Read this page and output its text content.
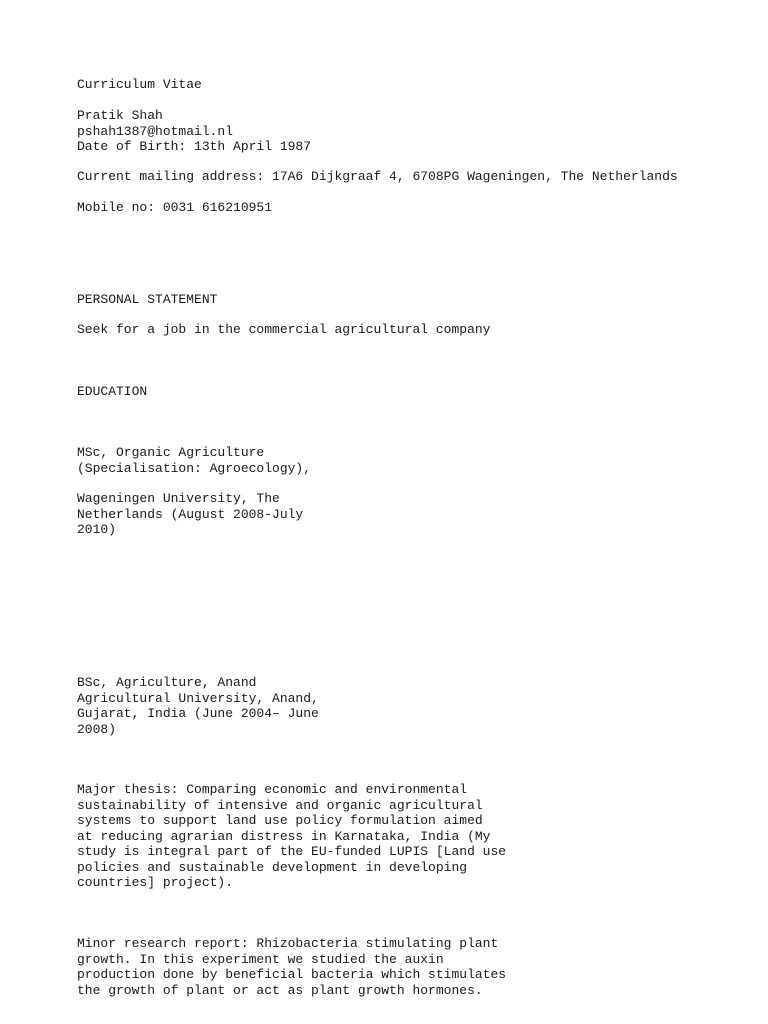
Curriculum Vitae

Pratik Shah

pshah1387@hotmail.nl

Date of Birth: 13th April 1987

Current mailing address: 17A6 Dijkgraaf 4, 6708PG Wageningen, The Netherlands

Mobile no: 0031 616210951

PERSONAL STATEMENT

Seek for a job in the commercial agricultural company

EDUCATION

MSc, Organic Agriculture

(Specialisation: Agroecology),

Wageningen University, The

Netherlands (August 2008-July

2010)

BSc, Agriculture, Anand

Agricultural University, Anand,

Gujarat, India (June 2004– June

2008)

Major thesis: Comparing economic and environmental

sustainability of intensive and organic agricultural

systems to support land use policy formulation aimed

at reducing agrarian distress in Karnataka, India (My

study is integral part of the EU-funded LUPIS [Land use

policies and sustainable development in developing

countries] project).

Minor research report: Rhizobacteria stimulating plant

growth. In this experiment we studied the auxin

production done by beneficial bacteria which stimulates

the growth of plant or act as plant growth hormones.
